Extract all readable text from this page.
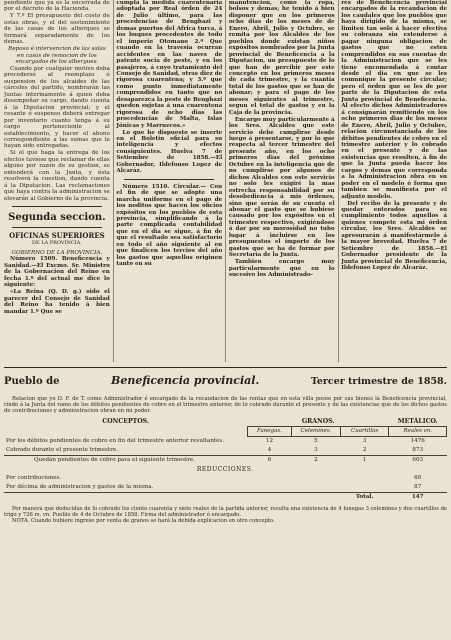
pendiente que ya es la encerrada de por el decreto de la Hacienda.

Y 7.º El presupuesto del costo de estas obras, y el del sostenimiento de las casas de los alberques se formará separadamente de los demas.

Reposo é intervencion de las salas en casos de remocion de los encargados de los albergues.

Cuando por cualquier motivo deba procederse al reemplazo ó suspension de los alcaides de las cárceles del partido, nombrarán las Juntas interinamente á quien deba desempeñar su cargo, dando cuenta á la Diputacion provincial; y el cesante ó suspenso deberá entregar por inventario cuanto tenga á su cargo perteneciente al establecimiento, y hacer el abono correspondiente a las sumas que le hayan sido entregadas.

Si el que haga la entrega de los efectos tuviese que reclamar de ellas alguno por razon de su gestion, se entenderá con la Junta, y ésta resolverá la cuestion, dando cuenta á la Diputacion. Las reclamaciones que haya contra la administracion se elevarán al Gobierno de la provincia.

Segunda seccion.
OFICINAS SUPERIORES
DE LA PROVINCIA.

GOBIERNO DE LA PROVINCIA.

Número 1509. Beneficencia y Sanidad.—El Excmo. Sr. Ministro de la Gobernacion del Reino en fecha 1.º del actual me dice lo siguiente:

«La Reina (Q. D. g.) oido el parecer del Consejo de Sanidad del Reino ha tenido á bien mandar 1.º Que se

cumpla la medida cuarentenaria adoptada por Real órden de 24 de Julio último, para las procedencias de Bengbazi y demas puertos del Africa turca, á los buques procedentes de todo el imperio Otomano 2.º Que cuando en la travesia ocurran accidentes en las naves de patente sucia de peste, y en los pasajeros, á cuyo tratamiento del Consejo de Sanidad, otras diez de rigorosa cuarentena; y 3.º que como punto inmediatamente comprendidos en tanto que no desaparezca la peste de Benghazi queden sujetas á una cuarentena rigorosa de ocho dias las procedencias de Malta, Islas Jónicas y Marruecos.»

Lo que he dispuesto se inserte en el Boletin oficial para su inteligencia y efectos consiguientes. Huelva 7 de Setiembre de 1858.—El Gobernador, Ildefonso Lopez de Alcaráz.

Número 1510. Circular.— Con el fin de que se adopte una marcha uniforme en el pago de los noditos que hacen los oficios expósitos en los pueblos de esta provincia, simplificando á la parte complicada contabilidad que en el dia se sigue, á fin de que el resultado sea satisfactorio en todo el año siguiente al en que finalicen los tercios del año los gastos que aquellos originen tanto en su

manutencion, como la ropa, bolsos y demas; he tenido á bien disponer que en los primeros ocho dias de los meses de de Enero, Abril, Julio y Octubre, se remita por los Alcaldes de los pueblos donde existan niños expósitos nombrados por la Junta provincial de Beneficencia a la Diputacion, un presupuesto de lo que han de percibir por este concepto en los primeros meses de cada trimestre, y la cuantía total de los gastos que se han de abonar; y para el pago de los meses siguientes al trimestre, segun el total de gastos y en la Caja de la provincia.

Encargo muy particularmente á los Sres. Alcaldes que este servicio debe cumplirse desde luego á presentarse, y por lo que respecta al tercer trimestre del presente año, en los ocho primeros dias del próximo Octubre en la inteligencia que de no cumplirse por algunos de dichos Alcaldes con este servicio no solo les exigiré la mas estrecha responsabilidad por su desobediencia á mis órdenes, sino que serán de su cuenta el abonar el gasto que se hubiese causado por los expósitos en el trimestre respectivo, exigiéndose á dar por su morosidad no tubo lugar á incluirse en los presupuestos el importe de los gastos que se ha de formar por Secretaría de la Junta.

Tambien encargo muy particularmente que en lo sucesivo los Administrado-

res de Beneficencia provincial encargados de la recaudacion de los caudales que los pueblos que haya dirigido de la misma, se limiten tan solo á hacer efectiva su cobranza sin extenderse á pagar ninguna obligacion de gastos que no esten comprendidos en sus cuentas de la Administracion que se les tiene encomendada á contar desde el dia en que se les comunique la presente circular; pero el órden que se les de por parte de la Diputacion de esta Junta provincial de Beneficencia. Al efecto dichos Administradores á consignarán remitiendo en los ocho primeros dias de los meses de Enero, Abril, Julio y Octubre, relacion circunstanciada de los débitos pendientes de cobro en el trimestre anterior y lo cobrado en el presente y de las existencias que resulten, á fin de que la Junta pueda hacer los cargos y demas que corresponda a la Administracion obra en su poder en el modelo ó forma que tambien se manifiesta por el adjunto modelo.

Del recibo de la presente y de quedar enterados para su cumplimiento todos aquellos á quienes compete esta mi órden circular, los Sres. Alcaldes se apresurarán á manifestármelo á la mayor brevedad. Huelva 7 de Setiembre de 1858.—El Gobernador presidente de la Junta provincial de Beneficencia, Ildefonso Lopez de Alcaráz.

Pueblo de	Beneficencia provincial.	Tercer trimestre de 1858.
Relacion que yo D. F. de T. como Administrador é encargado de la recaudacion de las rentas que en esta villa posee por sus bienes la Beneficencia provincial, rindo á la Junta del ramo de los débitos pendientes de cobro en el trimestre anterior, de lo cobrado durante el presente y de las existencias que de los dichos gastos de contribuciones y administracion obran en mi poder.
CONCEPTOS.	GRANOS.			METÁLICO.
	Fanegas.	Celemines.	Cuartillos	Reales vn.
Por los débitos pendientes de cobro en fin del trimestre anterior resultantes.	12	5	3	1476
Cobrado durante el presente trimestre.	4	3	2	873
Quedan pendientes de cobro para el siguiente trimestre.	6	2	1	603
REDUCCIONES.				
Por contribuciones.				60
Por décima de administracion y gastos de la misma.				87
			Total.	147
Por manera que deducidas de lo cobrado los ciento cuarenta y siete reales de la partida anterior, resulta una existencia de 4 fanegas 3 celemines y dos cuartillos de trigo y 726 rs. vn. Pueblo de 4 de Octubre de 1858. Firma del administrador ó encargado.
NOTA. Cuando hubiere ingreso por venta de granos se hará la debida explicacion en otro concepto.
